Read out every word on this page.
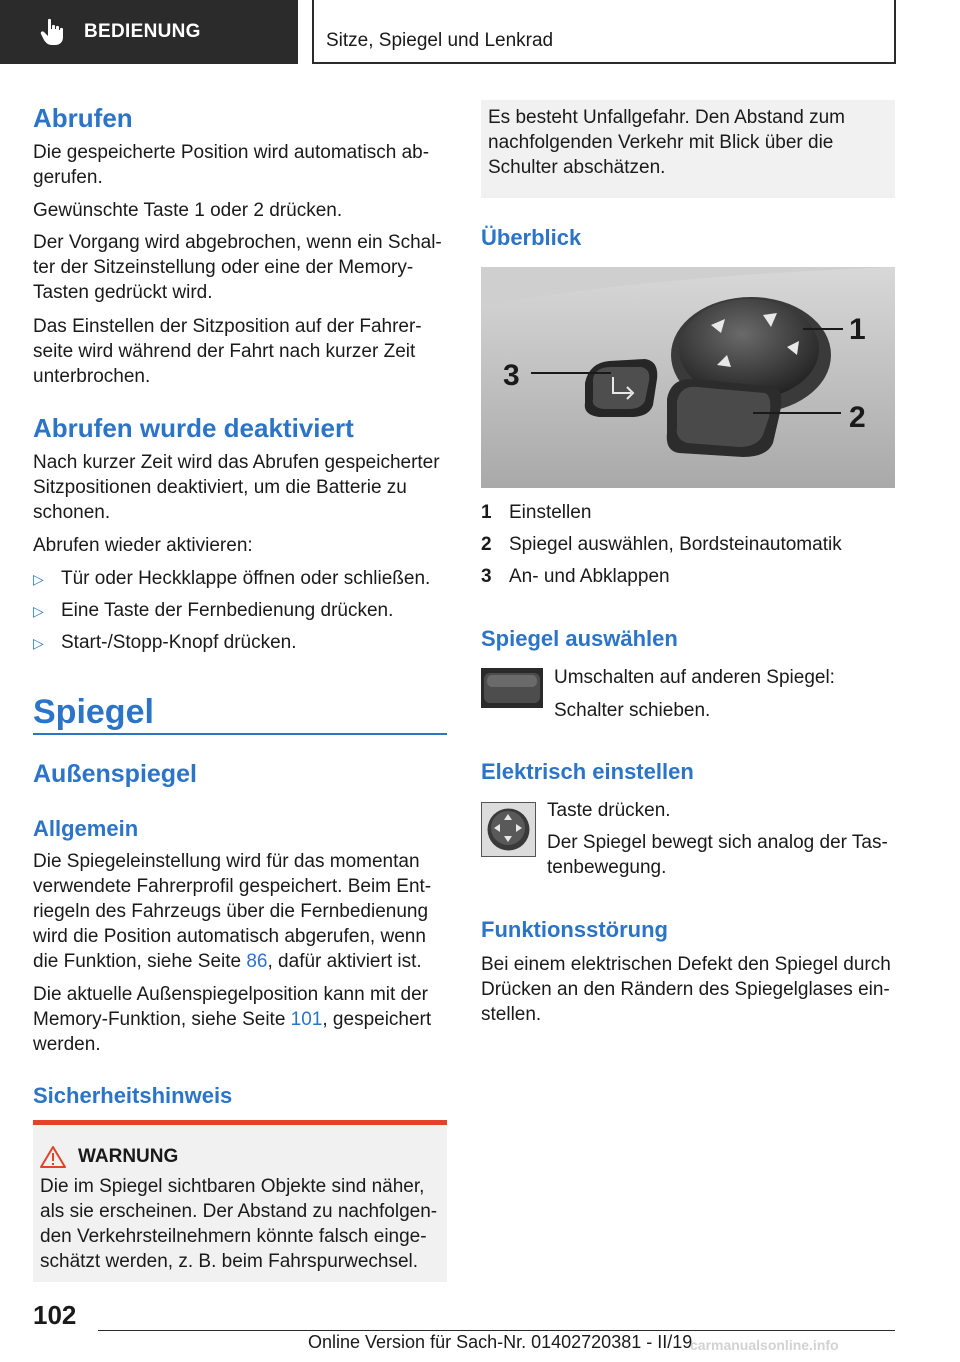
BEDIENUNG	Sitze, Spiegel und Lenkrad
Abrufen

Die gespeicherte Position wird automatisch ab-gerufen.

Gewünschte Taste 1 oder 2 drücken.

Der Vorgang wird abgebrochen, wenn ein Schal-ter der Sitzeinstellung oder eine der Memory-Tasten gedrückt wird.

Das Einstellen der Sitzposition auf der Fahrer-seite wird während der Fahrt nach kurzer Zeit unterbrochen.

Abrufen wurde deaktiviert

Nach kurzer Zeit wird das Abrufen gespeicherter Sitzpositionen deaktiviert, um die Batterie zu schonen.

Abrufen wieder aktivieren:

▷ Tür oder Heckklappe öffnen oder schließen.
▷ Eine Taste der Fernbedienung drücken.
▷ Start-/Stopp-Knopf drücken.
Spiegel
Außenspiegel
Allgemein

Die Spiegeleinstellung wird für das momentan verwendete Fahrerprofil gespeichert. Beim Ent-riegeln des Fahrzeugs über die Fernbedienung wird die Position automatisch abgerufen, wenn die Funktion, siehe Seite 86, dafür aktiviert ist.

Die aktuelle Außenspiegelposition kann mit der Memory-Funktion, siehe Seite 101, gespeichert werden.

Sicherheitshinweis
WARNUNG

Die im Spiegel sichtbaren Objekte sind näher, als sie erscheinen. Der Abstand zu nachfolgen-den Verkehrsteilnehmern könnte falsch einge-schätzt werden, z. B. beim Fahrspurwechsel.

Es besteht Unfallgefahr. Den Abstand zum nachfolgenden Verkehr mit Blick über die Schulter abschätzen.

Überblick
1
2
3
1 Einstellen
2 Spiegel auswählen, Bordsteinautomatik
3 An- und Abklappen
Spiegel auswählen

Umschalten auf anderen Spiegel:

Schalter schieben.

Elektrisch einstellen

Taste drücken.

Der Spiegel bewegt sich analog der Tas-tenbewegung.

Funktionsstörung

Bei einem elektrischen Defekt den Spiegel durch Drücken an den Rändern des Spiegelglases ein-stellen.

102
Online Version für Sach-Nr. 01402720381 - II/19
carmanualsonline.info
